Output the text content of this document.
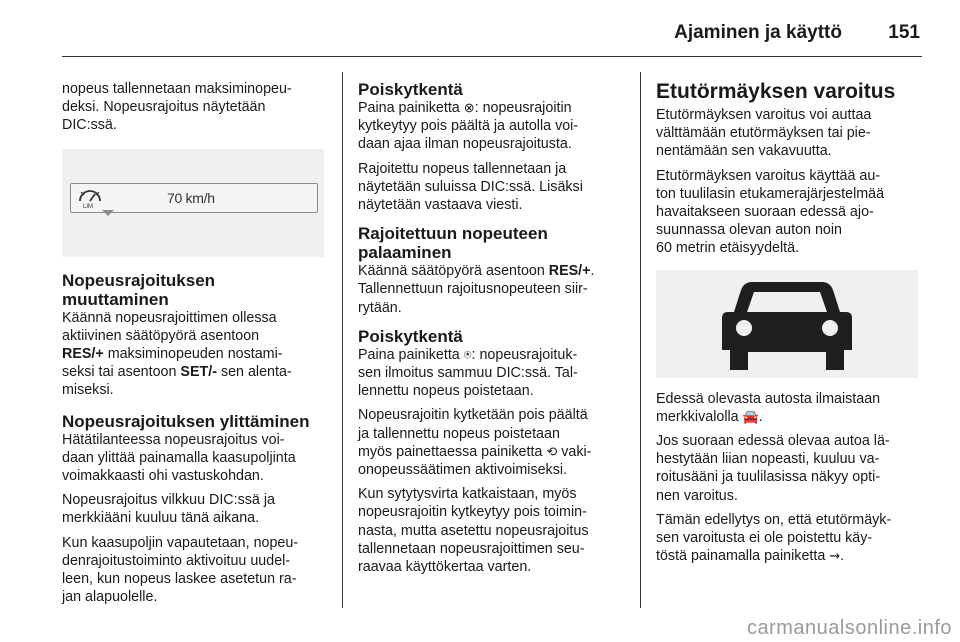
Ajaminen ja käyttö 151
nopeus tallennetaan maksiminopeu-
deksi. Nopeusrajoitus näytetään
DIC:ssä.
LIM
70 km/h
Nopeusrajoituksen
muuttaminen
Käännä nopeusrajoittimen ollessa
aktiivinen säätöpyörä asentoon
RES/+ maksiminopeuden nostami-
seksi tai asentoon SET/- sen alenta-
miseksi.
Nopeusrajoituksen ylittäminen
Hätätilanteessa nopeusrajoitus voi-
daan ylittää painamalla kaasupoljinta
voimakkaasti ohi vastuskohdan.
Nopeusrajoitus vilkkuu DIC:ssä ja
merkkiääni kuuluu tänä aikana.
Kun kaasupoljin vapautetaan, nopeu-
denrajoitustoiminto aktivoituu uudel-
leen, kun nopeus laskee asetetun ra-
jan alapuolelle.
Poiskytkentä
Paina painiketta ⊗: nopeusrajoitin
kytkeytyy pois päältä ja autolla voi-
daan ajaa ilman nopeusrajoitusta.
Rajoitettu nopeus tallennetaan ja
näytetään suluissa DIC:ssä. Lisäksi
näytetään vastaava viesti.
Rajoitettuun nopeuteen
palaaminen
Käännä säätöpyörä asentoon RES/+.
Tallennettuun rajoitusnopeuteen siir-
rytään.
Poiskytkentä
Paina painiketta ⍟: nopeusrajoituk-
sen ilmoitus sammuu DIC:ssä. Tal-
lennettu nopeus poistetaan.
Nopeusrajoitin kytketään pois päältä
ja tallennettu nopeus poistetaan
myös painettaessa painiketta ⟲ vaki-
onopeussäätimen aktivoimiseksi.
Kun sytytysvirta katkaistaan, myös
nopeusrajoitin kytkeytyy pois toimin-
nasta, mutta asetettu nopeusrajoitus
tallennetaan nopeusrajoittimen seu-
raavaa käyttökertaa varten.
Etutörmäyksen varoitus
Etutörmäyksen varoitus voi auttaa
välttämään etutörmäyksen tai pie-
nentämään sen vakavuutta.
Etutörmäyksen varoitus käyttää au-
ton tuulilasin etukamerajärjestelmää
havaitakseen suoraan edessä ajo-
suunnassa olevan auton noin
60 metrin etäisyydeltä.
Edessä olevasta autosta ilmaistaan
merkkivalolla 🚘.
Jos suoraan edessä olevaa autoa lä-
hestytään liian nopeasti, kuuluu va-
roitusääni ja tuulilasissa näkyy opti-
nen varoitus.
Tämän edellytys on, että etutörmäyk-
sen varoitusta ei ole poistettu käy-
töstä painamalla painiketta ⇝.
carmanualsonline.info
